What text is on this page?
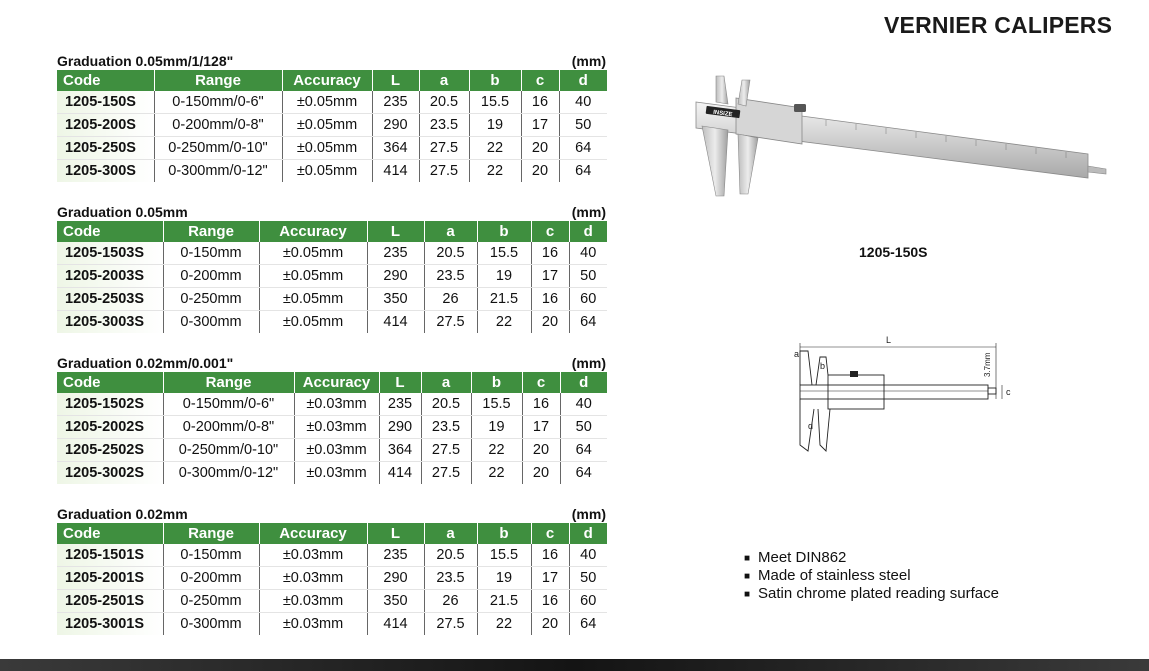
VERNIER CALIPERS
Graduation 0.05mm/1/128"	(mm)
Code	Range	Accuracy	L	a	b	c	d
1205-150S	0-150mm/0-6"	±0.05mm	235	20.5	15.5	16	40
1205-200S	0-200mm/0-8"	±0.05mm	290	23.5	19	17	50
1205-250S	0-250mm/0-10"	±0.05mm	364	27.5	22	20	64
1205-300S	0-300mm/0-12"	±0.05mm	414	27.5	22	20	64
Graduation 0.05mm	(mm)
Code	Range	Accuracy	L	a	b	c	d
1205-1503S	0-150mm	±0.05mm	235	20.5	15.5	16	40
1205-2003S	0-200mm	±0.05mm	290	23.5	19	17	50
1205-2503S	0-250mm	±0.05mm	350	26	21.5	16	60
1205-3003S	0-300mm	±0.05mm	414	27.5	22	20	64
Graduation 0.02mm/0.001"	(mm)
Code	Range	Accuracy	L	a	b	c	d
1205-1502S	0-150mm/0-6"	±0.03mm	235	20.5	15.5	16	40
1205-2002S	0-200mm/0-8"	±0.03mm	290	23.5	19	17	50
1205-2502S	0-250mm/0-10"	±0.03mm	364	27.5	22	20	64
1205-3002S	0-300mm/0-12"	±0.03mm	414	27.5	22	20	64
Graduation 0.02mm	(mm)
Code	Range	Accuracy	L	a	b	c	d
1205-1501S	0-150mm	±0.03mm	235	20.5	15.5	16	40
1205-2001S	0-200mm	±0.03mm	290	23.5	19	17	50
1205-2501S	0-250mm	±0.03mm	350	26	21.5	16	60
1205-3001S	0-300mm	±0.03mm	414	27.5	22	20	64
INSIZE
1205-150S
L
a
b
c
d
3.7mm
■ Meet DIN862
■ Made of stainless steel
■ Satin chrome plated reading surface
